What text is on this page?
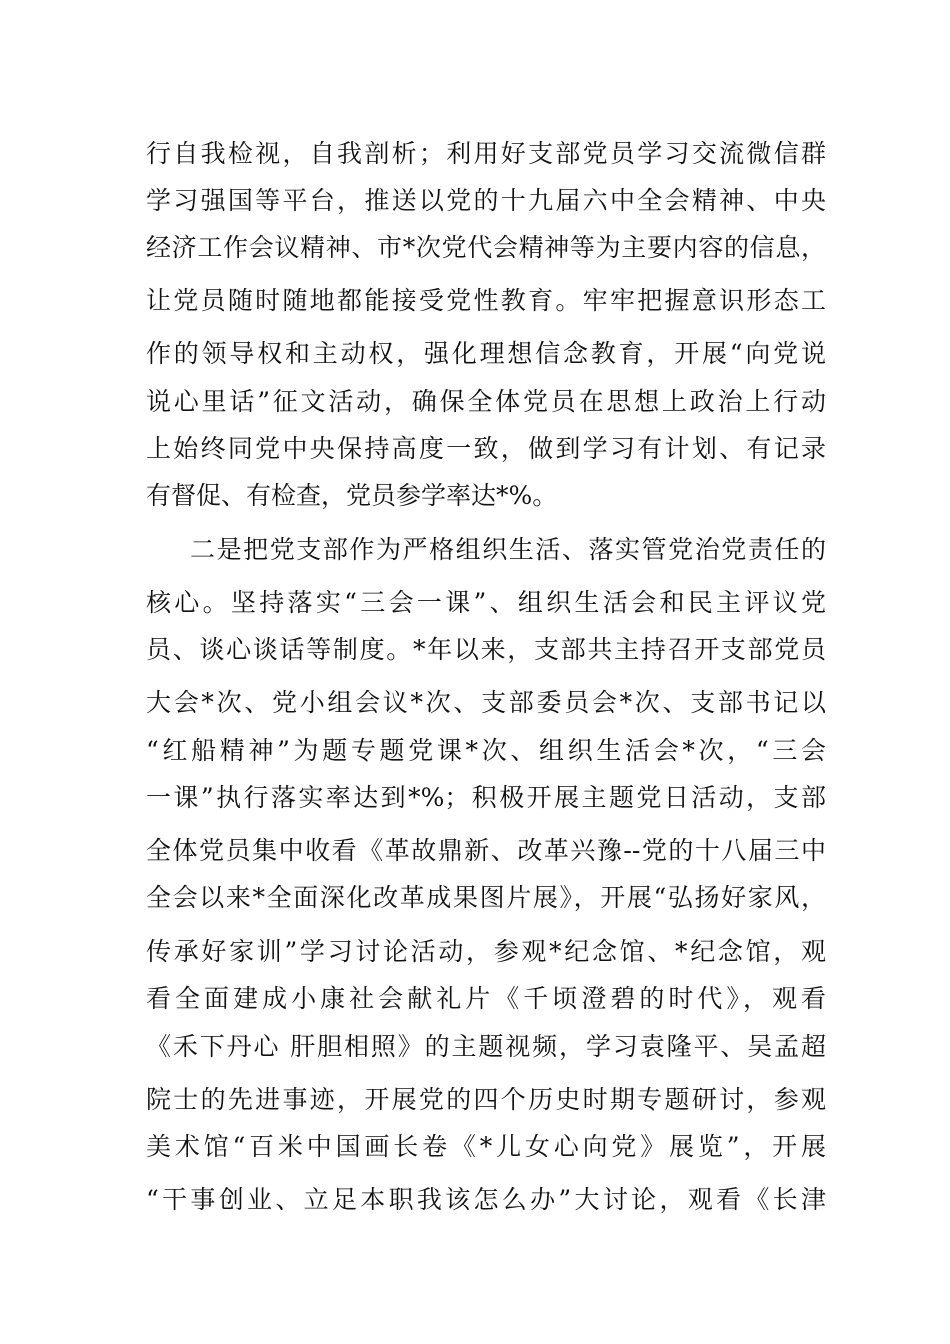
行自我检视，自我剖析；利用好支部党员学习交流微信群
学习强国等平台，推送以党的十九届六中全会精神、中央
经济工作会议精神、市*次党代会精神等为主要内容的信息，
让党员随时随地都能接受党性教育。牢牢把握意识形态工
作的领导权和主动权，强化理想信念教育，开展“向党说
说心里话”征文活动，确保全体党员在思想上政治上行动
上始终同党中央保持高度一致，做到学习有计划、有记录
有督促、有检查，党员参学率达*%。
二是把党支部作为严格组织生活、落实管党治党责任的
核心。坚持落实“三会一课”、组织生活会和民主评议党
员、谈心谈话等制度。*年以来，支部共主持召开支部党员
大会*次、党小组会议*次、支部委员会*次、支部书记以
“红船精神”为题专题党课*次、组织生活会*次，“三会
一课”执行落实率达到*%；积极开展主题党日活动，支部
全体党员集中收看《革故鼎新、改革兴豫--党的十八届三中
全会以来*全面深化改革成果图片展》，开展“弘扬好家风，
传承好家训”学习讨论活动，参观*纪念馆、*纪念馆，观
看全面建成小康社会献礼片《千顷澄碧的时代》，观看
《禾下丹心 肝胆相照》的主题视频，学习袁隆平、吴孟超
院士的先进事迹，开展党的四个历史时期专题研讨，参观
美术馆“百米中国画长卷《*儿女心向党》展览”，开展
“干事创业、立足本职我该怎么办”大讨论，观看《长津
